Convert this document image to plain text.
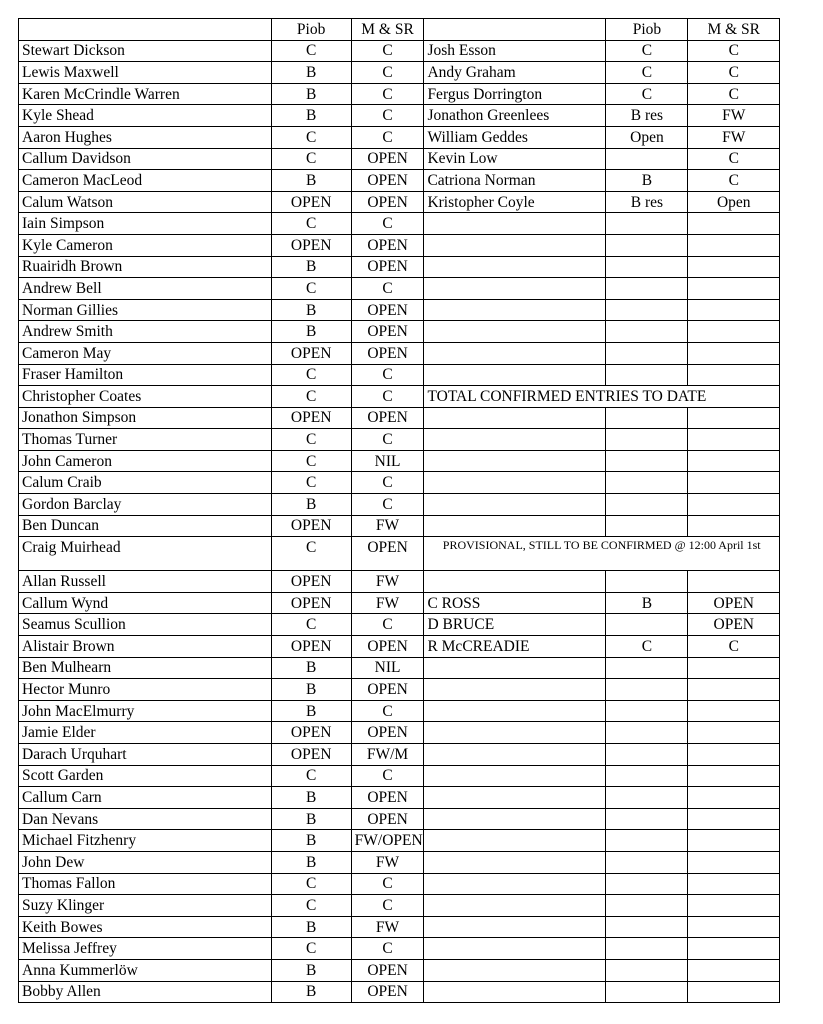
	Piob	M & SR		Piob	M & SR
Stewart Dickson	C	C	Josh Esson	C	C
Lewis Maxwell	B	C	Andy Graham	C	C
Karen McCrindle Warren	B	C	Fergus Dorrington	C	C
Kyle Shead	B	C	Jonathon Greenlees	B res	FW
Aaron Hughes	C	C	William Geddes	Open	FW
Callum Davidson	C	OPEN	Kevin Low		C
Cameron MacLeod	B	OPEN	Catriona Norman	B	C
Calum Watson	OPEN	OPEN	Kristopher Coyle	B res	Open
Iain Simpson	C	C			
Kyle Cameron	OPEN	OPEN			
Ruairidh Brown	B	OPEN			
Andrew Bell	C	C			
Norman Gillies	B	OPEN			
Andrew Smith	B	OPEN			
Cameron May	OPEN	OPEN			
Fraser Hamilton	C	C			
Christopher Coates	C	C	TOTAL CONFIRMED ENTRIES TO DATE		
Jonathon Simpson	OPEN	OPEN			
Thomas Turner	C	C			
John Cameron	C	NIL			
Calum Craib	C	C			
Gordon Barclay	B	C			
Ben Duncan	OPEN	FW			
Craig Muirhead	C	OPEN	PROVISIONAL, STILL TO BE CONFIRMED @ 12:00 April 1st		
Allan Russell	OPEN	FW			
Callum Wynd	OPEN	FW	C ROSS	B	OPEN
Seamus Scullion	C	C	D BRUCE		OPEN
Alistair Brown	OPEN	OPEN	R McCREADIE	C	C
Ben Mulhearn	B	NIL			
Hector Munro	B	OPEN			
John MacElmurry	B	C			
Jamie Elder	OPEN	OPEN			
Darach Urquhart	OPEN	FW/M			
Scott Garden	C	C			
Callum Carn	B	OPEN			
Dan Nevans	B	OPEN			
Michael Fitzhenry	B	FW/OPEN			
John Dew	B	FW			
Thomas Fallon	C	C			
Suzy Klinger	C	C			
Keith Bowes	B	FW			
Melissa Jeffrey	C	C			
Anna Kummerlöw	B	OPEN			
Bobby Allen	B	OPEN			
